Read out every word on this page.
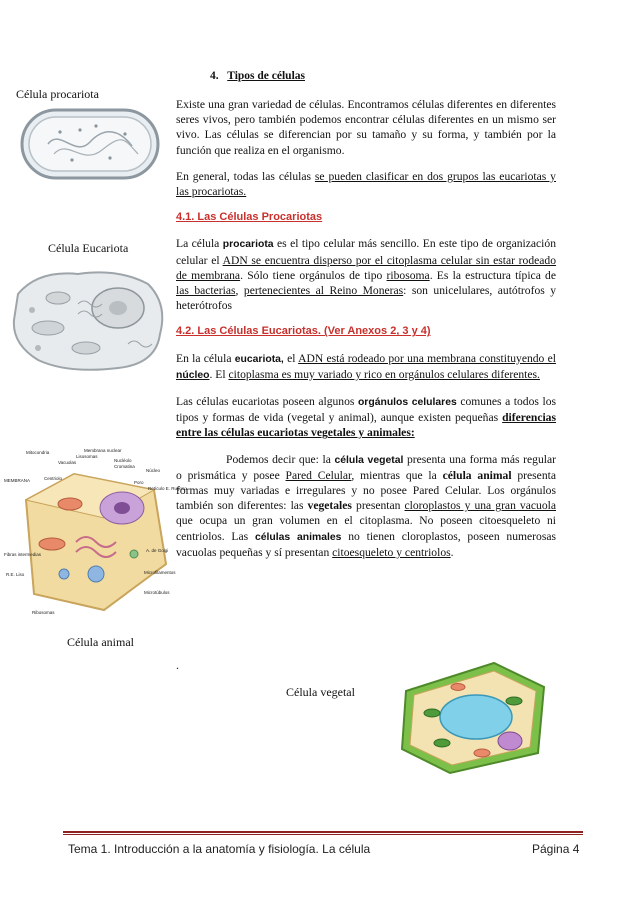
Célula procariota
Célula Eucariota
Célula animal
Membrana nuclear
Lisosomas
Nucléolo
Cromatina
Núcleo
Mitocondria
Vacuolas
Poro
MEMBRANA	Centriolo
Retículo E. Rugoso
A. de Golgi
Fibras intermedias
R.E. Liso	Microfilamentos
Ribosomas
Microtúbulos
4. Tipos de células

Existe una gran variedad de células. Encontramos células diferentes en diferentes seres vivos, pero también podemos encontrar células diferentes en un mismo ser vivo. Las células se diferencian por su tamaño y su forma, y también por la función que realiza en el organismo.

En general, todas las células se pueden clasificar en dos grupos las eucariotas y las procariotas.

4.1. Las Células Procariotas

La célula procariota es el tipo celular más sencillo. En este tipo de organización celular el ADN se encuentra disperso por el citoplasma celular sin estar rodeado de membrana. Sólo tiene orgánulos de tipo ribosoma. Es la estructura típica de las bacterias, pertenecientes al Reino Moneras: son unicelulares, autótrofos y heterótrofos

4.2. Las Células Eucariotas. (Ver Anexos 2, 3 y 4)

En la célula eucariota, el ADN está rodeado por una membrana constituyendo el núcleo. El citoplasma es muy variado y rico en orgánulos celulares diferentes.

Las células eucariotas poseen algunos orgánulos celulares comunes a todos los tipos y formas de vida (vegetal y animal), aunque existen pequeñas diferencias entre las células eucariotas vegetales y animales:

Podemos decir que: la célula vegetal presenta una forma más regular o prismática y posee Pared Celular, mientras que la célula animal presenta formas muy variadas e irregulares y no posee Pared Celular. Los orgánulos también son diferentes: las vegetales presentan cloroplastos y una gran vacuola que ocupa un gran volumen en el citoplasma. No poseen citoesqueleto ni centriolos. Las células animales no tienen cloroplastos, poseen numerosas vacuolas pequeñas y sí presentan citoesqueleto y centriolos.

.
Célula vegetal
Tema 1. Introducción a la anatomía y fisiología. La célula	Página 4
